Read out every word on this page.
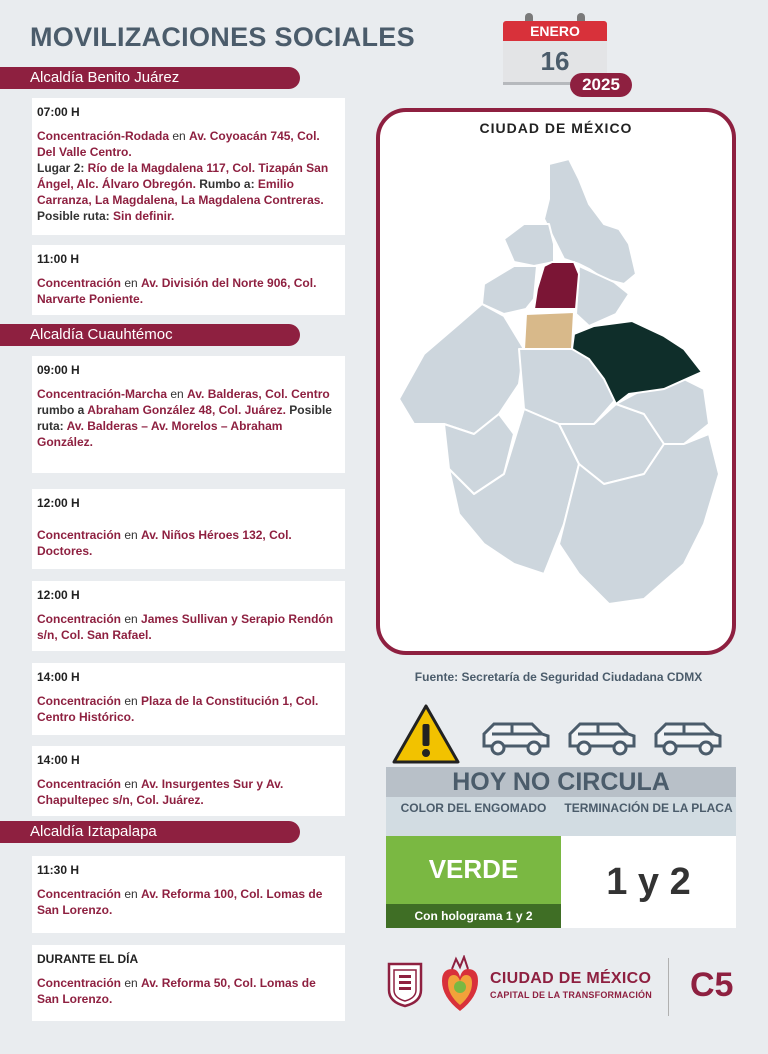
MOVILIZACIONES SOCIALES	ENERO
16
2025
Alcaldía Benito Juárez
07:00 H
Concentración-Rodada en Av. Coyoacán 745, Col. Del Valle Centro.
Lugar 2: Río de la Magdalena 117, Col. Tizapán San Ángel, Alc. Álvaro Obregón. Rumbo a: Emilio Carranza, La Magdalena, La Magdalena Contreras. Posible ruta: Sin definir.
11:00 H
Concentración en Av. División del Norte 906, Col. Narvarte Poniente.
Alcaldía Cuauhtémoc
09:00 H
Concentración-Marcha en Av. Balderas, Col. Centro rumbo a Abraham González 48, Col. Juárez. Posible ruta: Av. Balderas – Av. Morelos – Abraham González.
12:00 H
Concentración en Av. Niños Héroes 132, Col. Doctores.
12:00 H
Concentración en James Sullivan y Serapio Rendón s/n, Col. San Rafael.
14:00 H
Concentración en Plaza de la Constitución 1, Col. Centro Histórico.
14:00 H
Concentración en Av. Insurgentes Sur y Av. Chapultepec s/n, Col. Juárez.
Alcaldía Iztapalapa
11:30 H
Concentración en Av. Reforma 100, Col. Lomas de San Lorenzo.
DURANTE EL DÍA
Concentración en Av. Reforma 50, Col. Lomas de San Lorenzo.
CIUDAD DE MÉXICO
Fuente: Secretaría de Seguridad Ciudadana CDMX
HOY NO CIRCULA
COLOR DEL ENGOMADO	TERMINACIÓN DE LA PLACA
VERDE
Con holograma 1 y 2
1 y 2
CIUDAD DE MÉXICO
CAPITAL DE LA TRANSFORMACIÓN C5
